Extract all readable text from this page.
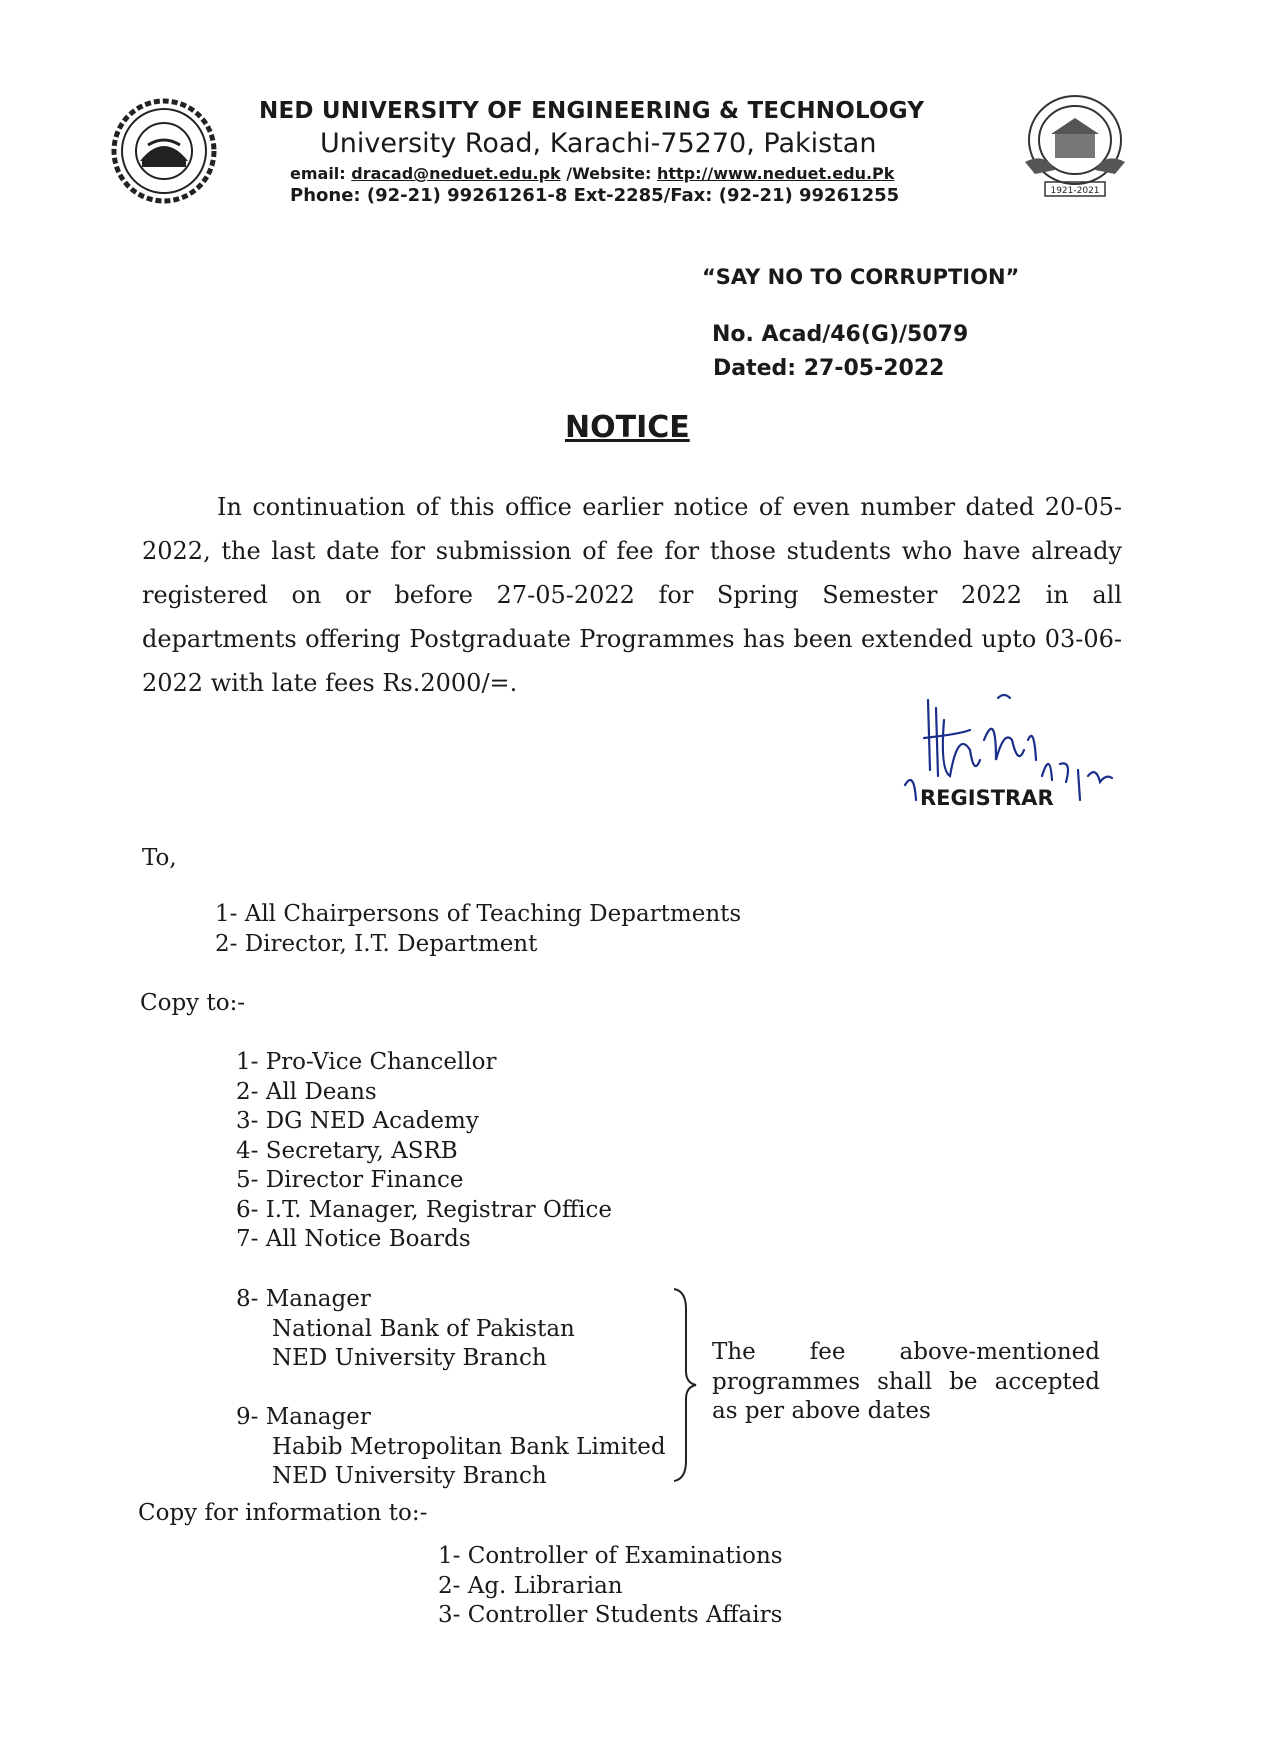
NED UNIVERSITY OF ENGINEERING & TECHNOLOGY
University Road, Karachi-75270, Pakistan
email: dracad@neduet.edu.pk /Website: http://www.neduet.edu.Pk
Phone: (92-21) 99261261-8 Ext-2285/Fax: (92-21) 99261255	1921-2021
“SAY NO TO CORRUPTION”
No. Acad/46(G)/5079
Dated: 27-05-2022
NOTICE

In continuation of this office earlier notice of even number dated 20-05-2022, the last date for submission of fee for those students who have already registered on or before 27-05-2022 for Spring Semester 2022 in all departments offering Postgraduate Programmes has been extended upto 03-06-2022 with late fees Rs.2000/=.

REGISTRAR
To,
1- All Chairpersons of Teaching Departments
2- Director, I.T. Department
Copy to:-
1- Pro-Vice Chancellor
2- All Deans
3- DG NED Academy
4- Secretary, ASRB
5- Director Finance
6- I.T. Manager, Registrar Office
7- All Notice Boards
8- Manager
National Bank of Pakistan
NED University Branch
9- Manager
Habib Metropolitan Bank Limited
NED University Branch
The fee above-mentioned programmes shall be accepted as per above dates
Copy for information to:-
1- Controller of Examinations
2- Ag. Librarian
3- Controller Students Affairs
